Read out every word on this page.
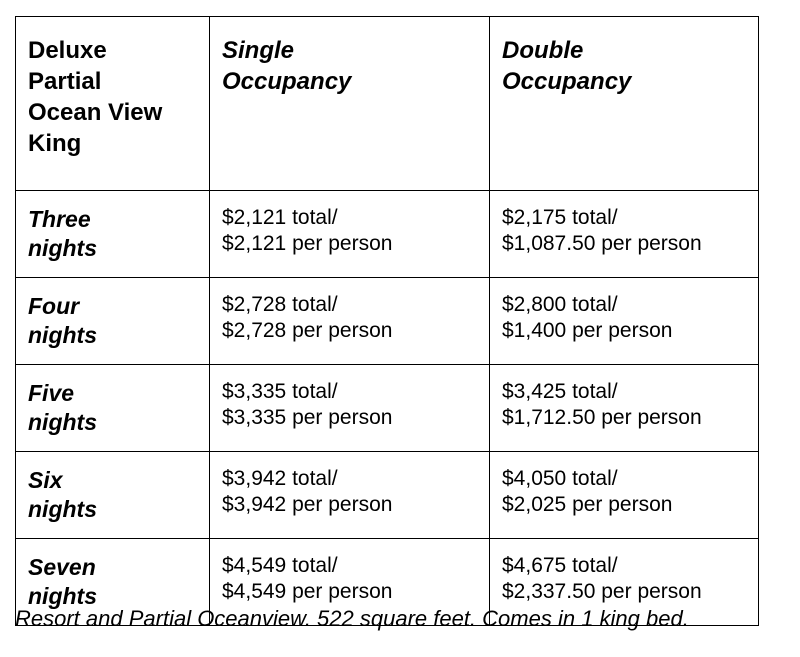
Deluxe
Partial
Ocean View
King	Single
Occupancy	Double
Occupancy

Three
nights	$2,121 total/
$2,121 per person	$2,175 total/
$1,087.50 per person

Four
nights	$2,728 total/
$2,728 per person	$2,800 total/
$1,400 per person

Five
nights	$3,335 total/
$3,335 per person	$3,425 total/
$1,712.50 per person

Six
nights	$3,942 total/
$3,942 per person	$4,050 total/
$2,025 per person

Seven
nights	$4,549 total/
$4,549 per person	$4,675 total/
$2,337.50 per person
Resort and Partial Oceanview. 522 square feet. Comes in 1 king bed.
